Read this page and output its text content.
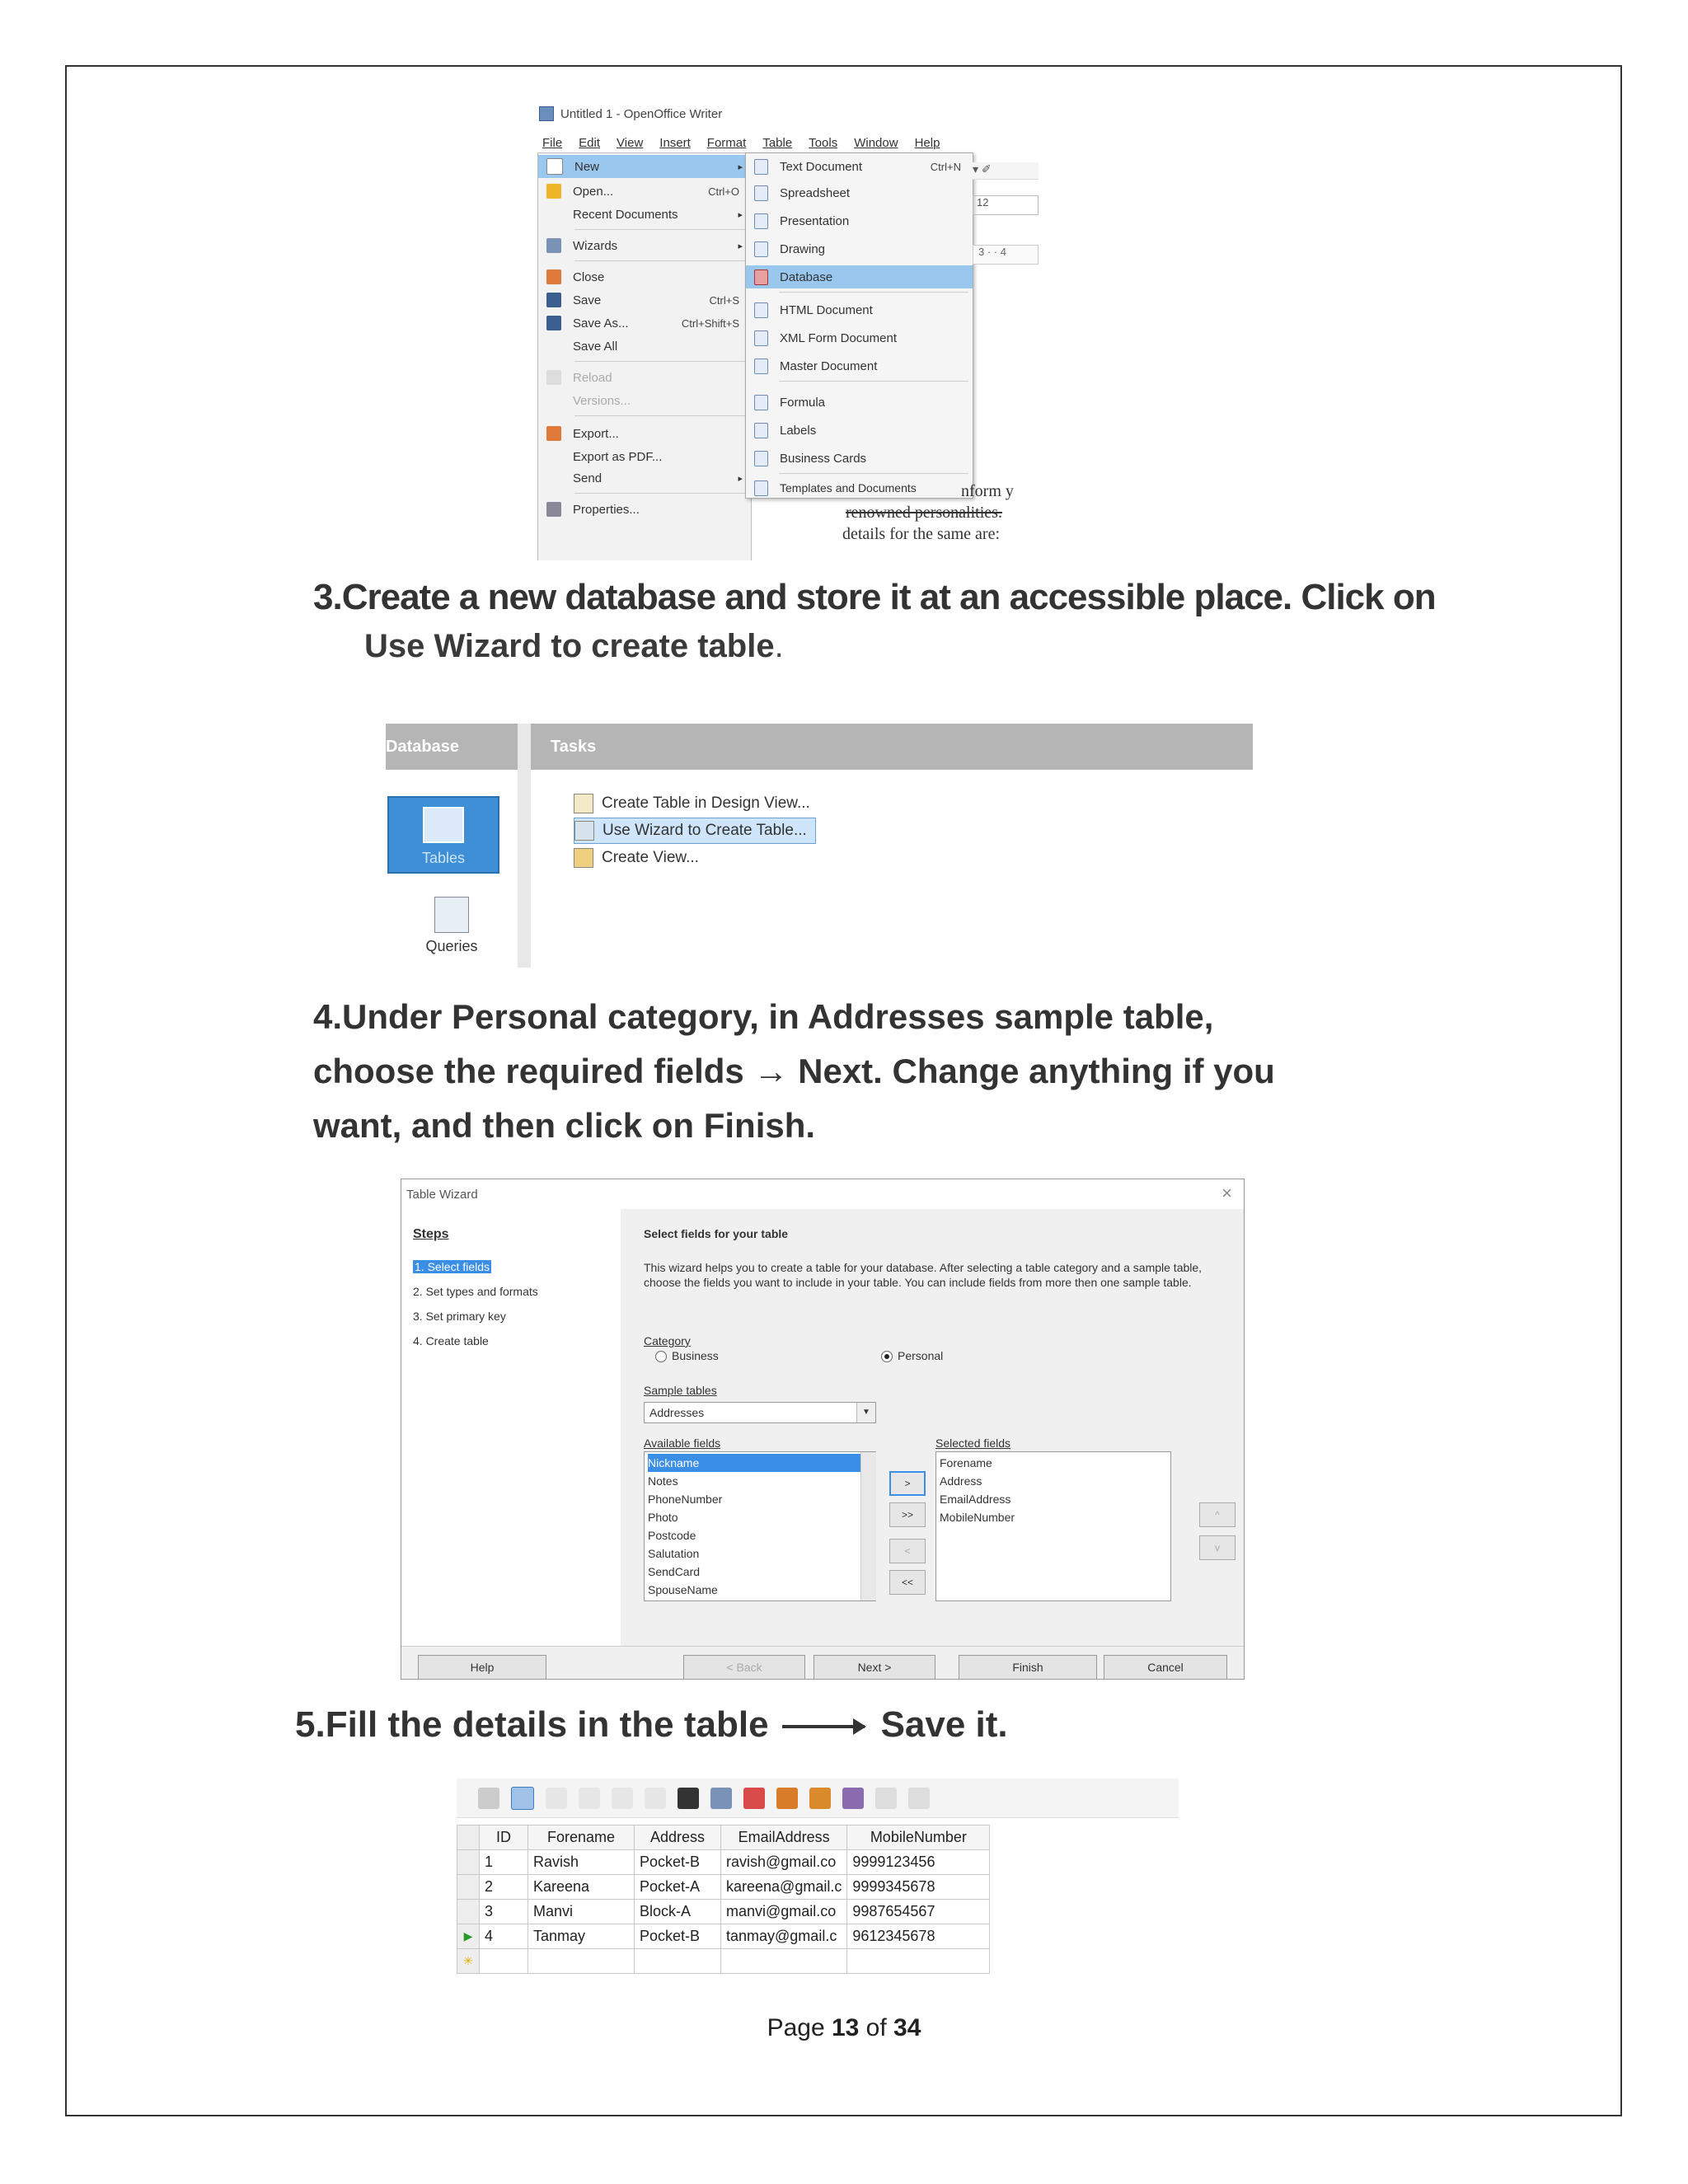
Untitled 1 - OpenOffice Writer
File Edit View Insert Format Table Tools Window Help
New	▸
Open...	Ctrl+O
Recent Documents	▸
Wizards	▸
Close
Save	Ctrl+S
Save As...	Ctrl+Shift+S
Save All
Reload
Versions...
Export...
Export as PDF...
Send	▸
Properties...
Text Document	Ctrl+N
Spreadsheet
Presentation
Drawing
Database
HTML Document
XML Form Document
Master Document
Formula
Labels
Business Cards
Templates and Documents
▾ ✐
12
3 · · 4
nform y
renowned personalities.
details for the same are:
3.Create a new database and store it at an accessible place. Click on
Use Wizard to create table.
Database	Tasks
Tables
Queries
Create Table in Design View...
Use Wizard to Create Table...
Create View...
4.Under Personal category, in Addresses sample table,
choose the required fields → Next. Change anything if you
want, and then click on Finish.
Table Wizard	×
Steps
1. Select fields
2. Set types and formats
3. Set primary key
4. Create table
Select fields for your table
This wizard helps you to create a table for your database. After selecting a table category and a sample table, choose the fields you want to include in your table. You can include fields from more then one sample table.
Category
Business	Personal
Sample tables
Addresses	▼
Available fields
Nickname
Notes
PhoneNumber
Photo
Postcode
Salutation
SendCard
SpouseName
>
>>
<
<<
Selected fields
Forename
Address
EmailAddress
MobileNumber	^
v
Help	< Back	Next >	Finish	Cancel
5.Fill the details in the table	Save it.
	ID	Forename	Address	EmailAddress	MobileNumber
	1	Ravish	Pocket-B	ravish@gmail.co	9999123456
	2	Kareena	Pocket-A	kareena@gmail.c	9999345678
	3	Manvi	Block-A	manvi@gmail.co	9987654567
▶	4	Tanmay	Pocket-B	tanmay@gmail.c	9612345678
✳					
Page 13 of 34
